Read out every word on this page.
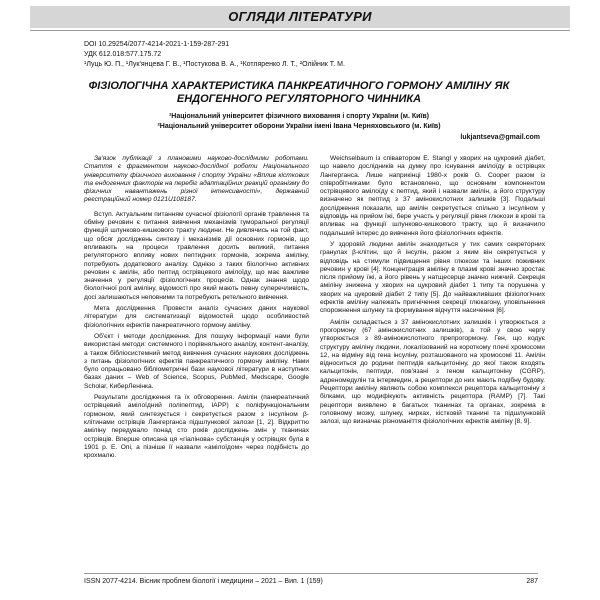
ОГЛЯДИ ЛІТЕРАТУРИ
DOI 10.29254/2077-4214-2021-1-159-287-291
УДК 612.018:577.175.72
¹Луць Ю. П., ¹Лук'янцева Г. В., ¹Постукова В. А., ¹Котляренко Л. Т., ²Олійник Т. М.
ФІЗІОЛОГІЧНА ХАРАКТЕРИСТИКА ПАНКРЕАТИЧНОГО ГОРМОНУ АМІЛІНУ ЯК ЕНДОГЕННОГО РЕГУЛЯТОРНОГО ЧИННИКА
¹Національний університет фізичного виховання і спорту України (м. Київ)
²Національний університет оборони України імені Івана Черняховського (м. Київ)
lukjantseva@gmail.com

Зв'язок публікації з плановими науково-дослідними роботами. Стаття є фрагментом науково-дослідної роботи Національного університету фізичного виховання і спорту України «Вплив кісткових та ендогенних факторів на перебіг адаптаційних реакцій організму до фізичних навантажень різної інтенсивності», державний реєстраційний номер 0121U108187.

Вступ. Актуальним питанням сучасної фізіології органів травлення та обміну речовин є питання вивчення механізмів гуморальної регуляції функцій шлунково-кишкового тракту людини. Не дивлячись на той факт, що обсяг досліджень синтезу і механізмів дії основних гормонів, що впливають на процеси травлення досить великий, питання регуляторного впливу нових пептидних гормонів, зокрема аміліну, потребують додаткового аналізу. Однією з таких біологічно активних речовин є амілін, або пептид острівцевого амілоїду, що має важливе значення у регуляції фізіологічних процесів. Однак знання щодо біологічної ролі аміліну, відомості про який мають певну суперечливість, досі залишаються неповними та потребують ретельного вивчення.

Мета дослідження. Провести аналіз сучасних даних наукової літератури для систематизації відомостей щодо особливостей фізіологічних ефектів панкреатичного гормону аміліну.

Об'єкт і методи дослідження. Для пошуку інформації нами були використані методи: системного і порівняльного аналізу, контент-аналізу, а також бібліосистемний метод вивчення сучасних наукових досліджень з питань фізіологічних ефектів панкреатичного гормону аміліну. Нами було опрацьовано бібліометричні бази наукової літератури в наступних базах даних – Web of Science, Scopus, PubMed, Medscape, Google Scholar, КиберЛенінка.

Результати дослідження та їх обговорення. Амілін (панкреатичний острівцевий амілоїдний поліпептид, IAPP) є поліфункціональним гормоном, який синтезується і секретується разом з інсуліном β-клітинами острівців Лангерганса підшлункової залози [1, 2]. Відкриттю аміліну передувало понад сто років досліджень змін у тканинах острівців. Вперше описана ця «гіалінова» субстанція у острівцях була в 1901 р. Е. Опі, а пізніше її назвали «амілоїдом» через подібність до крохмалю.

Weichselbaum із співавтором E. Stangl у хворих на цукровий діабет, що навело дослідників на думку про існування амілоїду в острівцях Лангерганса. Лише наприкінці 1980-х років G. Cooper разом із співробітниками було встановлено, що основним компонентом острівцевого амілоїду є пептид, який і назвали амілін, а його структуру визначено як пептид з 37 амінокислотних залишків [3]. Подальші дослідження показали, що амілін секретується спільно з інсуліном у відповідь на прийом їжі, бере участь у регуляції рівня глюкози в крові та впливає на функції шлунково-кишкового тракту, що й визначило подальший інтерес до вивчення його фізіологічних ефектів.

У здоровій людини амілін знаходиться у тих самих секреторних гранулах β-клітин, що й інсулін, разом з яким він секретується у відповідь на стимули підвищення рівня глюкози та інших поживних речовин у крові [4]. Концентрація аміліну в плазмі крові значно зростає після прийому їжі, а його рівень у натщесерце значно нижчий. Секреція аміліну знижена у хворих на цукровий діабет 1 типу та порушена у хворих на цукровий діабет 2 типу [5]. До найважливіших фізіологічних ефектів аміліну належать пригнічення секреції глюкагону, уповільнення спорожнення шлунку та формування відчуття насичення [6].

Амілін складається з 37 амінокислотних залишків і утворюється з прогормону (67 амінокислотних залишків), а той у свою чергу утворюється з 89-амінокислотного препрогормону. Ген, що кодує структуру аміліну людини, локалізований на короткому плечі хромосоми 12, на відміну від гена інсуліну, розташованого на хромосомі 11. Амілін відноситься до родини пептидів кальцитоніну, до якої також входять кальцитонін, пептиди, пов'язані з геном кальцитоніну (CGRP), адреномедулін та інтермедин, а рецептори до них мають подібну будову. Рецептори аміліну являють собою комплекси рецептора кальцитоніну з білками, що модифікують активність рецептора (RAMP) [7]. Такі рецептори виявлено в багатьох тканинах та органах, зокрема в головному мозку, шлунку, нирках, кістковій тканині та підшлунковій залозі, що визначає різноманіття фізіологічних ефектів аміліну [8, 9].

ISSN 2077-4214. Вісник проблем біології і медицини – 2021 – Вип. 1 (159)	287
